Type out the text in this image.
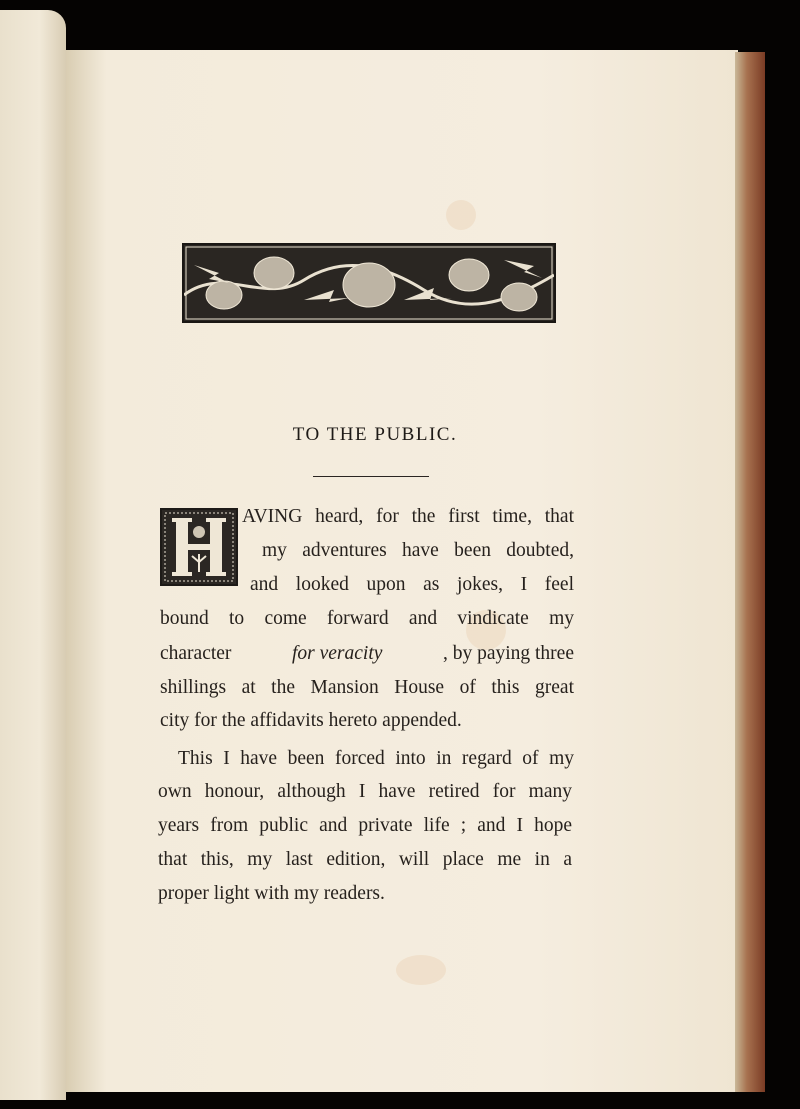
TO THE PUBLIC.
AVING heard, for the first time, that
my adventures have been doubted,
and looked upon as jokes, I feel
bound to come forward and vindicate my
character	for veracity	, by paying three
shillings at the Mansion House of this great
city for the affidavits hereto appended.
This I have been forced into in regard of my
own honour, although I have retired for many
years from public and private life ; and I hope
that this, my last edition, will place me in a
proper light with my readers.
